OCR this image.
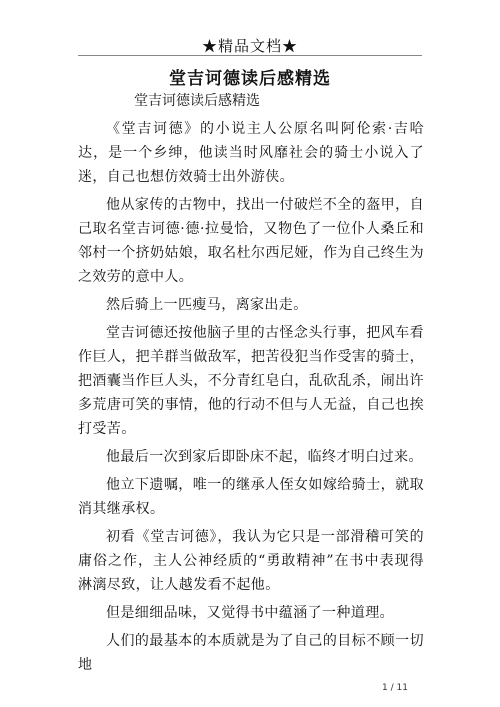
★精品文档★
堂吉诃德读后感精选

堂吉诃德读后感精选

《堂吉诃德》的小说主人公原名叫阿伦索·吉哈达，是一个乡绅，他读当时风靡社会的骑士小说入了迷，自己也想仿效骑士出外游侠。

他从家传的古物中，找出一付破烂不全的盔甲，自己取名堂吉诃德·德·拉曼恰，又物色了一位仆人桑丘和邻村一个挤奶姑娘，取名杜尔西尼娅，作为自己终生为之效劳的意中人。

然后骑上一匹瘦马，离家出走。

堂吉诃德还按他脑子里的古怪念头行事，把风车看作巨人，把羊群当做敌军，把苦役犯当作受害的骑士，把酒囊当作巨人头，不分青红皂白，乱砍乱杀，闹出许多荒唐可笑的事情，他的行动不但与人无益，自己也挨打受苦。

他最后一次到家后即卧床不起，临终才明白过来。

他立下遗嘱，唯一的继承人侄女如嫁给骑士，就取消其继承权。

初看《堂吉诃德》，我认为它只是一部滑稽可笑的庸俗之作，主人公神经质的“勇敢精神”在书中表现得淋漓尽致，让人越发看不起他。

但是细细品味，又觉得书中蕴涵了一种道理。

人们的最基本的本质就是为了自己的目标不顾一切地

1 / 11
